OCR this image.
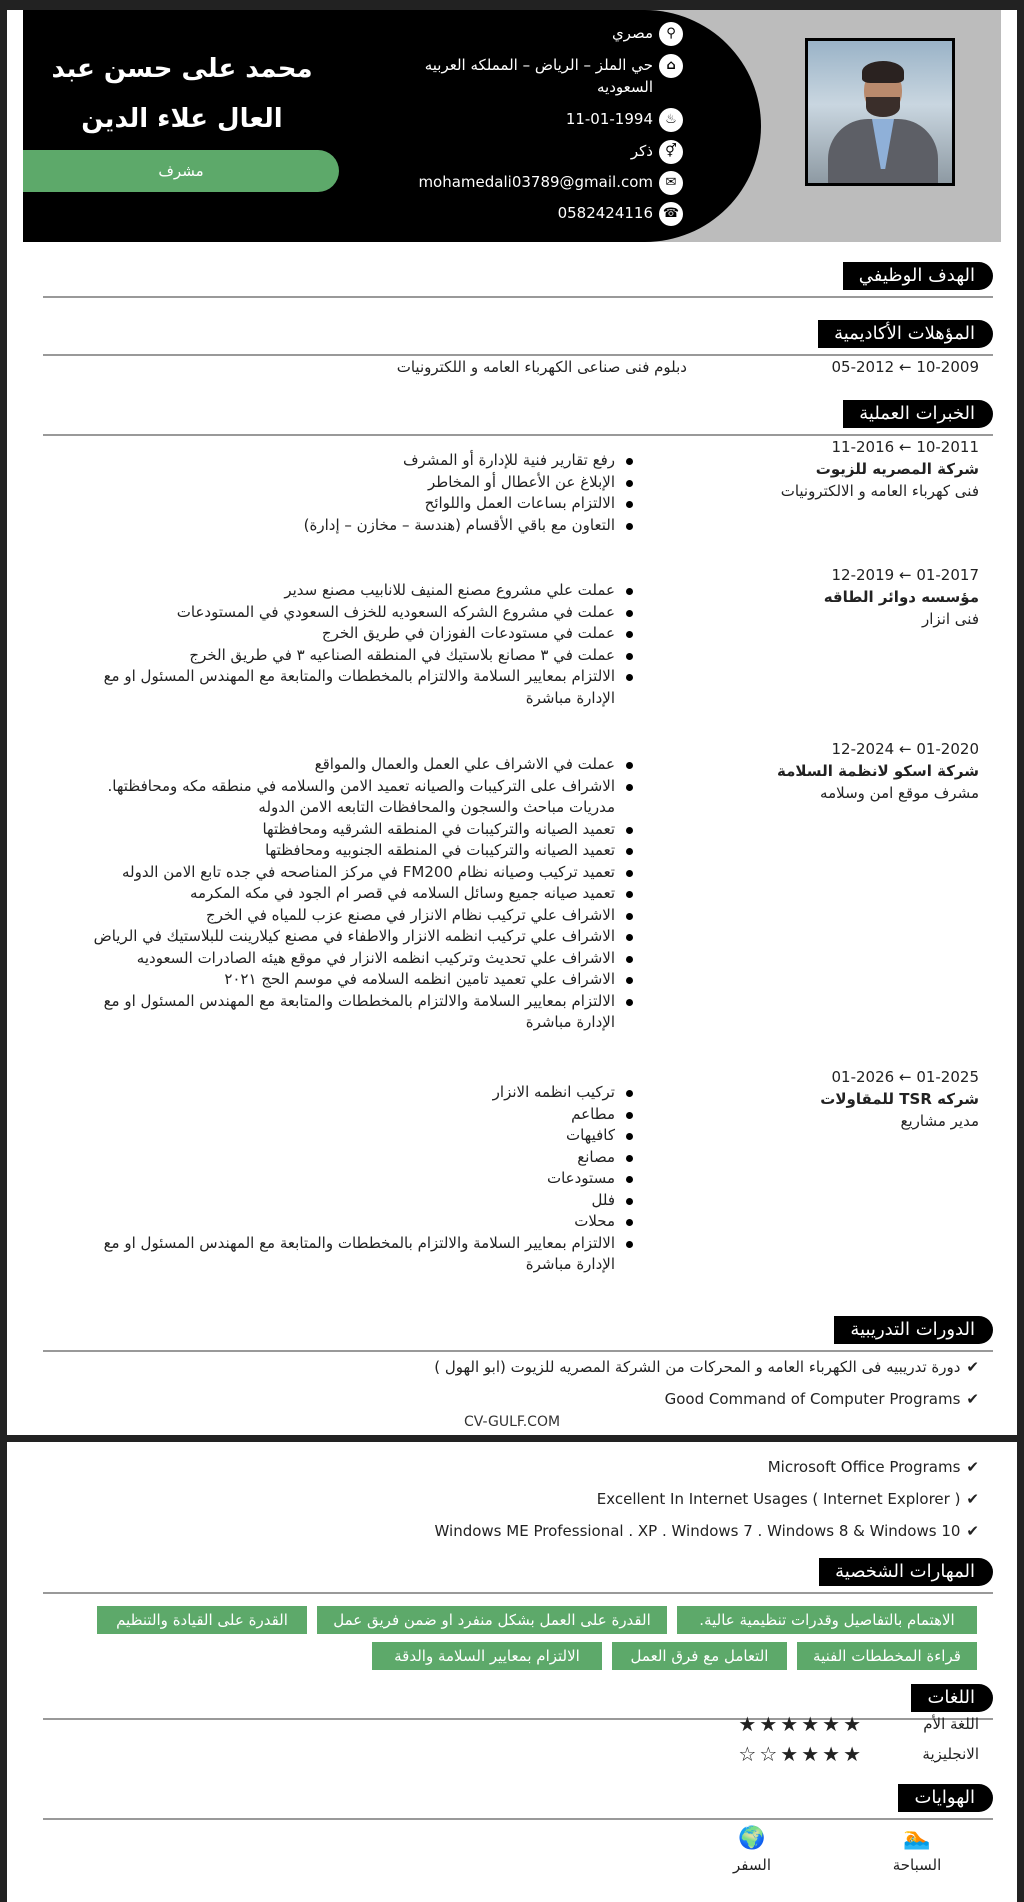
محمد على حسن عبد العال علاء الدين
مشرف
⚲
مصري
⌂
حي الملز – الرياض – المملكه العربيه السعوديه
♨
11-01-1994
⚥
ذكر
✉
mohamedali03789@gmail.com
☎
0582424116
الهدف الوظيفي
المؤهلات الأكاديمية
10-2009 ← 05-2012
دبلوم فنى صناعى الكهرباء العامه و اللكترونيات
الخبرات العملية
10-2011 ← 11-2016
شركة المصريه للزيوت
فنى كهرباء العامه و الالكترونيات
رفع تقارير فنية للإدارة أو المشرف
الإبلاغ عن الأعطال أو المخاطر
الالتزام بساعات العمل واللوائح
التعاون مع باقي الأقسام (هندسة – مخازن – إدارة)
01-2017 ← 12-2019
مؤسسه دوائر الطاقه
فنى انزار
عملت علي مشروع مصنع المنيف للانابيب مصنع سدير
عملت في مشروع الشركه السعوديه للخزف السعودي في المستودعات
عملت في مستودعات الفوزان في طريق الخرج
عملت في ٣ مصانع بلاستيك في المنطقه الصناعيه ٣ في طريق الخرج
الالتزام بمعايير السلامة والالتزام بالمخططات والمتابعة مع المهندس المسئول او مع الإدارة مباشرة
01-2020 ← 12-2024
شركة اسكو لانظمة السلامة
مشرف موقع امن وسلامه
عملت في الاشراف علي العمل والعمال والمواقع
الاشراف على التركيبات والصيانه تعميد الامن والسلامه في منطقه مكه ومحافظتها. مدريات مباحث والسجون والمحافظات التابعه الامن الدوله
تعميد الصيانه والتركيبات في المنطقه الشرقيه ومحافظتها
تعميد الصيانه والتركيبات في المنطقه الجنوبيه ومحافظتها
تعميد تركيب وصيانه نظام FM200 في مركز المناصحه في جده تابع الامن الدوله
تعميد صيانه جميع وسائل السلامه في قصر ام الجود في مكه المكرمه
الاشراف علي تركيب نظام الانزار في مصنع عزب للمياه في الخرج
الاشراف علي تركيب انظمه الانزار والاطفاء في مصنع كيلارينت للبلاستيك في الرياض
الاشراف علي تحديث وتركيب انظمه الانزار في موقع هيئه الصادرات السعوديه
الاشراف علي تعميد تامين انظمه السلامه في موسم الحج ٢٠٢١
الالتزام بمعايير السلامة والالتزام بالمخططات والمتابعة مع المهندس المسئول او مع الإدارة مباشرة
01-2025 ← 01-2026
شركه TSR للمقاولات
مدير مشاريع
تركيب انظمه الانزار
مطاعم
كافيهات
مصانع
مستودعات
فلل
محلات
الالتزام بمعايير السلامة والالتزام بالمخططات والمتابعة مع المهندس المسئول او مع الإدارة مباشرة
الدورات التدريبية
✔
دورة تدريبيه فى الكهرباء العامه و المحركات من الشركة المصريه للزيوت (ابو الهول )
✔
Good Command of Computer Programs
CV-GULF.COM
✔
Microsoft Office Programs
✔
Excellent In Internet Usages ( Internet Explorer )
✔
Windows ME Professional . XP . Windows 7 . Windows 8 & Windows 10
المهارات الشخصية
الاهتمام بالتفاصيل وقدرات تنظيمية عالية.
القدرة على العمل بشكل منفرد او ضمن فريق عمل
القدرة على القيادة والتنظيم
قراءة المخططات الفنية
التعامل مع فرق العمل
الالتزام بمعايير السلامة والدقة
اللغات
اللغة الأم
★★★★★★
الانجليزية
☆☆★★★★
الهوايات
🏊
السباحة
🌍
السفر
